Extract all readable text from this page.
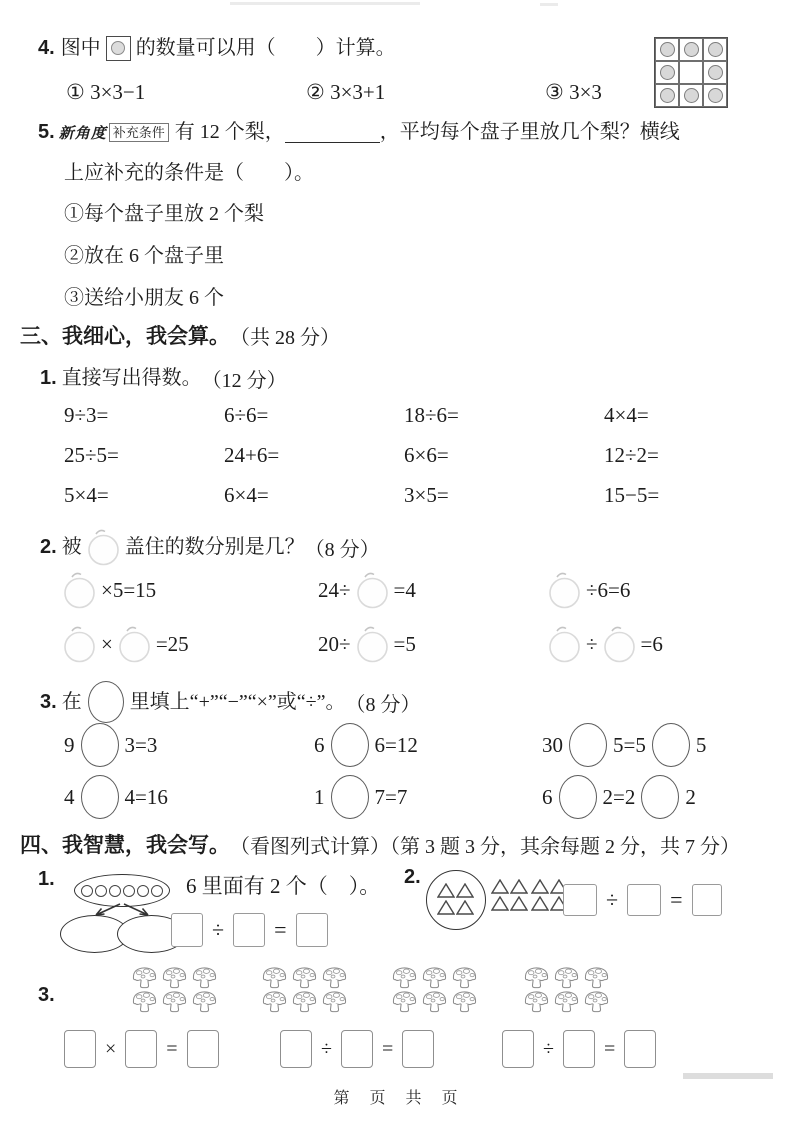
4. 图中 的数量可以用（　　）计算。
① 3×3−1	② 3×3+1	③ 3×3
5. 新角度 补充条件 有 12 个梨，	，平均每个盘子里放几个梨？横线
上应补充的条件是（　　）。
①每个盘子里放 2 个梨
②放在 6 个盘子里
③送给小朋友 6 个
三、我细心，我会算。 （共 28 分）
1. 直接写出得数。 （12 分）
9÷3=	6÷6=	18÷6=	4×4=
25÷5=	24+6=	6×6=	12÷2=
5×4=	6×4=	3×5=	15−5=
2. 被 盖住的数分别是几？ （8 分）
×5=15	24÷ =4	÷6=6
× =25	20÷ =5	÷ =6
3. 在 里填上“+”“−”“×”或“÷”。 （8 分）
9 3=3	6 6=12	30 5=5 5
4 4=16	1 7=7	6 2=2 2
四、我智慧，我会写。 （看图列式计算）（第 3 题 3 分，其余每题 2 分，共 7 分）
1.	6 里面有 2 个（　）。
÷ =
2.
÷ =
3.
×	=	÷	=	÷	=
第　页　共　页
